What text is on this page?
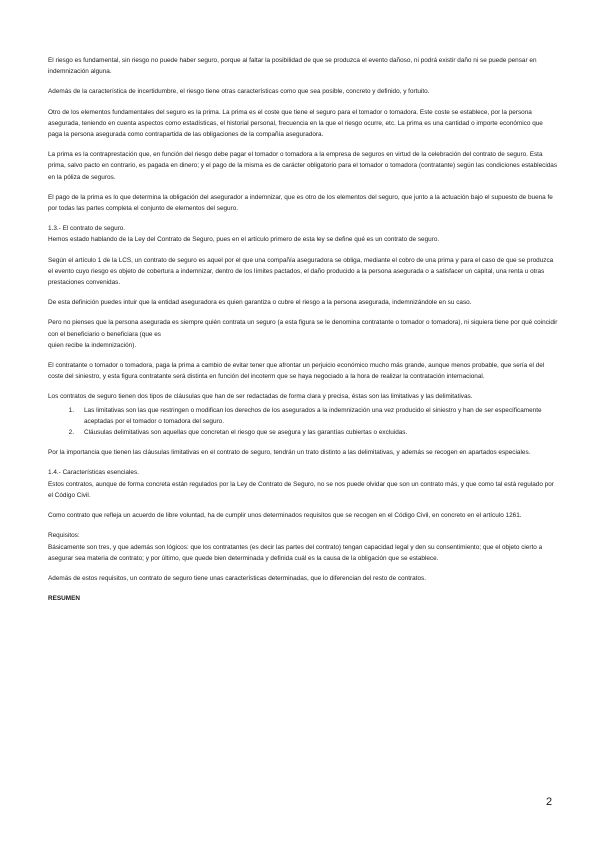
El riesgo es fundamental, sin riesgo no puede haber seguro, porque al faltar la posibilidad de que se produzca el evento dañoso, ni podrá existir daño ni se puede pensar en indemnización alguna.

Además de la característica de incertidumbre, el riesgo tiene otras características como que sea posible, concreto y definido, y fortuito.

Otro de los elementos fundamentales del seguro es la prima. La prima es el coste que tiene el seguro para el tomador o tomadora. Este coste se establece, por la persona asegurada, teniendo en cuenta aspectos como estadísticas, el historial personal, frecuencia en la que el riesgo ocurre, etc. La prima es una cantidad o importe económico que paga la persona asegurada como contrapartida de las obligaciones de la compañía aseguradora.

La prima es la contraprestación que, en función del riesgo debe pagar el tomador o tomadora a la empresa de seguros en virtud de la celebración del contrato de seguro. Esta prima, salvo pacto en contrario, es pagada en dinero; y el pago de la misma es de carácter obligatorio para el tomador o tomadora (contratante) según las condiciones establecidas en la póliza de seguros.

El pago de la prima es lo que determina la obligación del asegurador a indemnizar, que es otro de los elementos del seguro, que junto a la actuación bajo el supuesto de buena fe por todas las partes completa el conjunto de elementos del seguro.

1.3.- El contrato de seguro.
Hemos estado hablando de la Ley del Contrato de Seguro, pues en el artículo primero de esta ley se define qué es un contrato de seguro.

Según el artículo 1 de la LCS, un contrato de seguro es aquel por el que una compañía aseguradora se obliga, mediante el cobro de una prima y para el caso de que se produzca el evento cuyo riesgo es objeto de cobertura a indemnizar, dentro de los límites pactados, el daño producido a la persona asegurada o a satisfacer un capital, una renta u otras prestaciones convenidas.

De esta definición puedes intuir que la entidad aseguradora es quien garantiza o cubre el riesgo a la persona asegurada, indemnizándole en su caso.

Pero no pienses que la persona asegurada es siempre quién contrata un seguro (a esta figura se le denomina contratante o tomador o tomadora), ni siquiera tiene por qué coincidir con el beneficiario o beneficiara (que es
quien recibe la indemnización).

El contratante o tomador o tomadora, paga la prima a cambio de evitar tener que afrontar un perjuicio económico mucho más grande, aunque menos probable, que sería el del coste del siniestro, y esta figura contratante será distinta en función del incoterm que se haya negociado a la hora de realizar la contratación internacional.

Los contratos de seguro tienen dos tipos de cláusulas que han de ser redactadas de forma clara y precisa, éstas son las limitativas y las delimitativas.

1.	Las limitativas son las que restringen o modifican los derechos de los asegurados a la indemnización una vez producido el siniestro y han de ser específicamente aceptadas por el tomador o tomadora del seguro.
2.	Cláusulas delimitativas son aquellas que concretan el riesgo que se asegura y las garantías cubiertas o excluidas.

Por la importancia que tienen las cláusulas limitativas en el contrato de seguro, tendrán un trato distinto a las delimitativas, y además se recogen en apartados especiales.

1.4.- Características esenciales.
Estos contratos, aunque de forma concreta están regulados por la Ley de Contrato de Seguro, no se nos puede olvidar que son un contrato más, y que como tal está regulado por el Código Civil.

Como contrato que refleja un acuerdo de libre voluntad, ha de cumplir unos determinados requisitos que se recogen en el Código Civil, en concreto en el artículo 1261.

Requisitos:
Básicamente son tres, y que además son lógicos: que los contratantes (es decir las partes del contrato) tengan capacidad legal y den su consentimiento; que el objeto cierto a asegurar sea materia de contrato; y por último, que quede bien determinada y definida cuál es la causa de la obligación que se establece.

Además de estos requisitos, un contrato de seguro tiene unas características determinadas, que lo diferencian del resto de contratos.

RESUMEN

2
